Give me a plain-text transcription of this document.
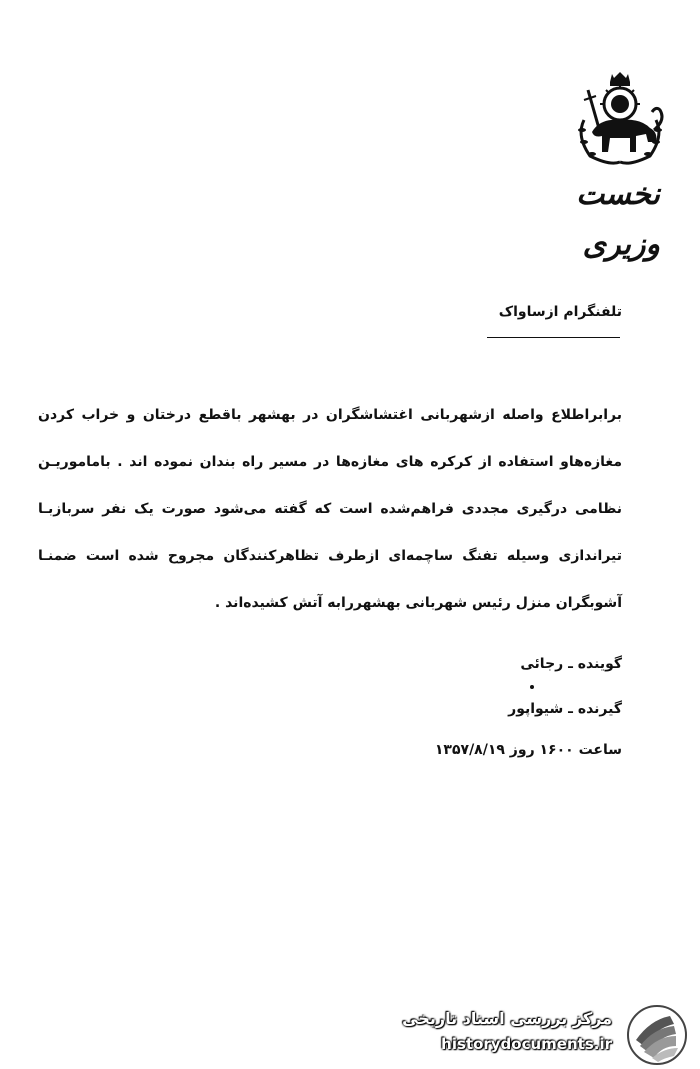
نخست وزیری
تلفنگرام ازساواک
برابراطلاع واصله ازشهربانی اغتشاشگران در بهشهر باقطع درختان و خراب کردن مغازه‌هاو استفاده از کرکره های مغازه‌ها در مسیر راه بندان نموده اند . باماموریـن نظامی درگیری مجددی فراهم‌شده است که گفته می‌شود صورت یک نفر سربازبـا تیراندازی وسیله تفنگ ساچمه‌ای ازطرف تظاهرکنندگان مجروح شده است ضمنـا آشوبگران منزل رئیس شهربانی بهشهررابه آتش کشیده‌اند .
گوینده ـ رجائی
گیرنده ـ شیواپور
ساعت ۱۶۰۰ روز ۱۳۵۷/۸/۱۹
مرکز بررسی اسناد تاریخی
historydocuments.ir
